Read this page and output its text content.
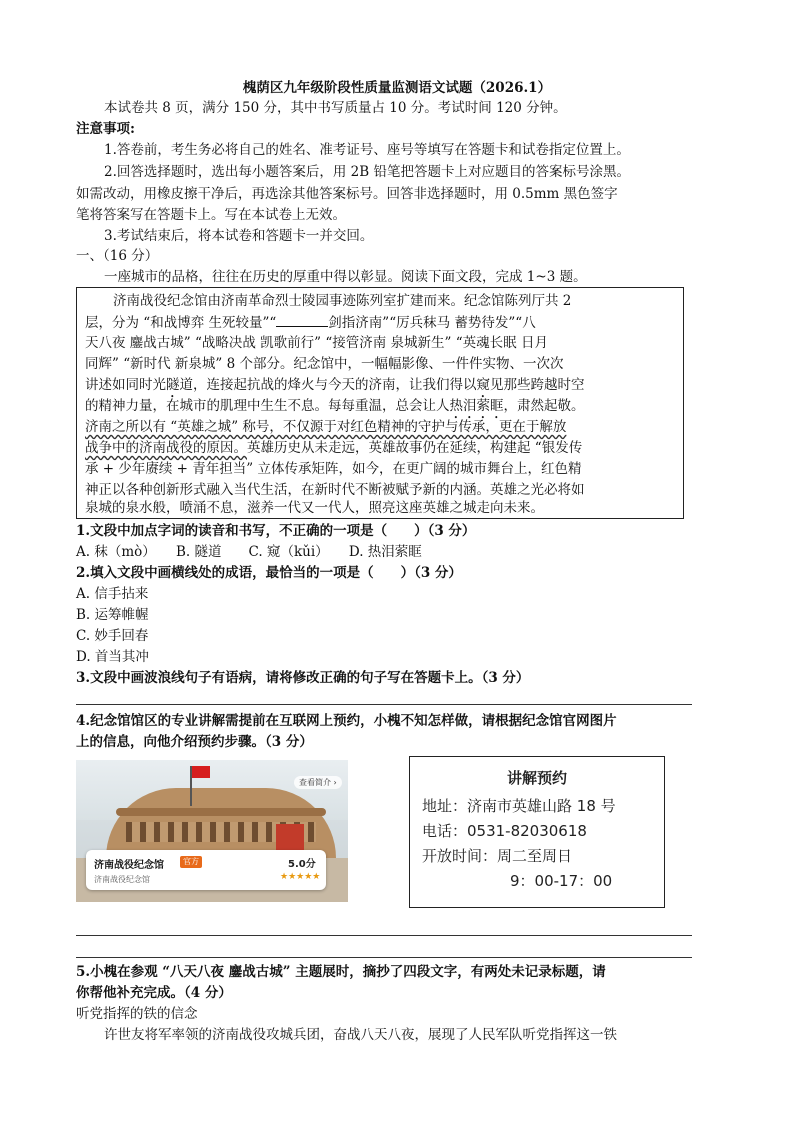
槐荫区九年级阶段性质量监测语文试题（2026.1）
本试卷共 8 页，满分 150 分，其中书写质量占 10 分。考试时间 120 分钟。
注意事项:
1.答卷前，考生务必将自己的姓名、准考证号、座号等填写在答题卡和试卷指定位置上。
2.回答选择题时，选出每小题答案后，用 2B 铅笔把答题卡上对应题目的答案标号涂黑。
如需改动，用橡皮擦干净后，再选涂其他答案标号。回答非选择题时，用 0.5mm 黑色签字
笔将答案写在答题卡上。写在本试卷上无效。
3.考试结束后，将本试卷和答题卡一并交回。
一、（16 分）
一座城市的品格，往往在历史的厚重中得以彰显。阅读下面文段，完成 1~3 题。
济南战役纪念馆由济南革命烈士陵园事迹陈列室扩建而来。纪念馆陈列厅共 2
层，分为 “和战博弈 生死较量”“	剑指济南”“厉兵秣马 蓄势待发”“八
天八夜 鏖战古城” “战略决战 凯歌前行” “接管济南 泉城新生” “英魂长眠 日月
同辉” “新时代 新泉城” 8 个部分。纪念馆中，一幅幅影像、一件件实物、一次次
讲述如同时光隧道，连接起抗战的烽火与今天的济南，让我们得以窥见那些跨越时空
的精神力量，在城市的肌理中生生不息。每每重温，总会让人热泪萦眶，肃然起敬。
济南之所以有 “英雄之城” 称号，不仅源于对红色精神的守护与传承，更在于解放
战争中的济南战役的原因。英雄历史从未走远，英雄故事仍在延续，构建起 “银发传
承 + 少年赓续 + 青年担当” 立体传承矩阵，如今，在更广阔的城市舞台上，红色精
神正以各种创新形式融入当代生活，在新时代不断被赋予新的内涵。英雄之光必将如
泉城的泉水般，喷涌不息，滋养一代又一代人，照亮这座英雄之城走向未来。
1.文段中加点字词的读音和书写，不正确的一项是（　　）（3 分）
A. 秣（mò）　　B. 隧道　　C. 窥（kǔi）　　D. 热泪萦眶
2.填入文段中画横线处的成语，最恰当的一项是（　　）（3 分）
A. 信手拈来
B. 运筹帷幄
C. 妙手回春
D. 首当其冲
3.文段中画波浪线句子有语病，请将修改正确的句子写在答题卡上。（3 分）
4.纪念馆馆区的专业讲解需提前在互联网上预约，小槐不知怎样做，请根据纪念馆官网图片
上的信息，向他介绍预约步骤。（3 分）
查看简介 ›
济南战役纪念馆	官方
济南战役纪念馆
5.0分
★★★★★
讲解预约
地址：济南市英雄山路 18 号
电话：0531-82030618
开放时间：周二至周日
9：00-17：00
5.小槐在参观 “八天八夜 鏖战古城” 主题展时，摘抄了四段文字，有两处未记录标题，请
你帮他补充完成。（4 分）
听党指挥的铁的信念
许世友将军率领的济南战役攻城兵团，奋战八天八夜，展现了人民军队听党指挥这一铁
